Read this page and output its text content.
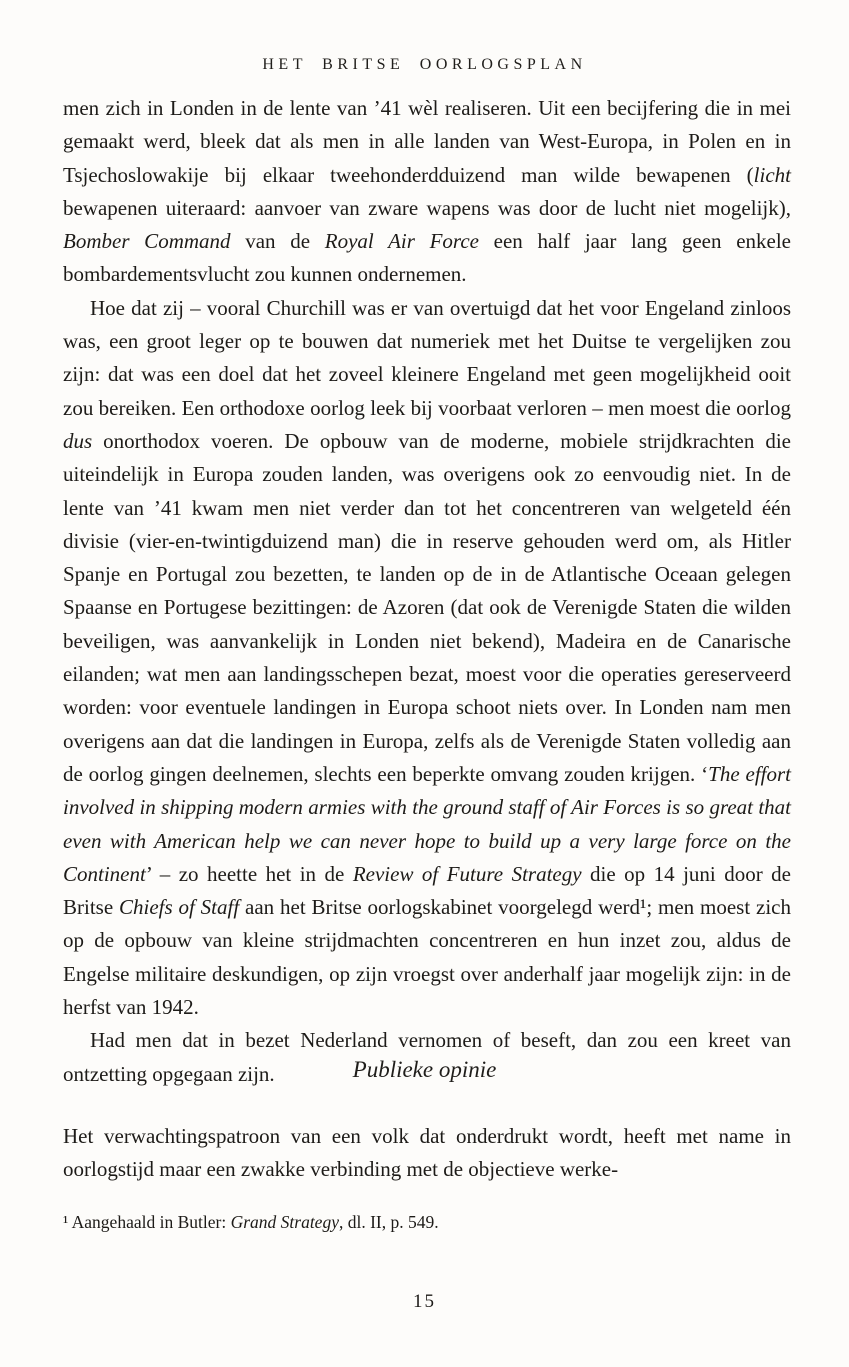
HET BRITSE OORLOGSPLAN

men zich in Londen in de lente van ’41 wèl realiseren. Uit een becijfering die in mei gemaakt werd, bleek dat als men in alle landen van West-Europa, in Polen en in Tsjechoslowakije bij elkaar tweehonderdduizend man wilde bewapenen (licht bewapenen uiteraard: aanvoer van zware wapens was door de lucht niet mogelijk), Bomber Command van de Royal Air Force een half jaar lang geen enkele bombardementsvlucht zou kunnen ondernemen.

Hoe dat zij – vooral Churchill was er van overtuigd dat het voor Engeland zinloos was, een groot leger op te bouwen dat numeriek met het Duitse te vergelijken zou zijn: dat was een doel dat het zoveel kleinere Engeland met geen mogelijkheid ooit zou bereiken. Een orthodoxe oorlog leek bij voorbaat verloren – men moest die oorlog dus onorthodox voeren. De opbouw van de moderne, mobiele strijdkrachten die uiteindelijk in Europa zouden landen, was overigens ook zo eenvoudig niet. In de lente van ’41 kwam men niet verder dan tot het concentreren van welgeteld één divisie (vier-en-twintigduizend man) die in reserve gehouden werd om, als Hitler Spanje en Portugal zou bezetten, te landen op de in de Atlantische Oceaan gelegen Spaanse en Portugese bezittingen: de Azoren (dat ook de Verenigde Staten die wilden beveiligen, was aanvankelijk in Londen niet bekend), Madeira en de Canarische eilanden; wat men aan landingsschepen bezat, moest voor die operaties gereserveerd worden: voor eventuele landingen in Europa schoot niets over. In Londen nam men overigens aan dat die landingen in Europa, zelfs als de Verenigde Staten volledig aan de oorlog gingen deelnemen, slechts een beperkte omvang zouden krijgen. ‘The effort involved in shipping modern armies with the ground staff of Air Forces is so great that even with American help we can never hope to build up a very large force on the Continent’ – zo heette het in de Review of Future Strategy die op 14 juni door de Britse Chiefs of Staff aan het Britse oorlogskabinet voorgelegd werd¹; men moest zich op de opbouw van kleine strijdmachten concentreren en hun inzet zou, aldus de Engelse militaire deskundigen, op zijn vroegst over anderhalf jaar mogelijk zijn: in de herfst van 1942.

Had men dat in bezet Nederland vernomen of beseft, dan zou een kreet van ontzetting opgegaan zijn.	Publieke opinie

Het verwachtingspatroon van een volk dat onderdrukt wordt, heeft met name in oorlogstijd maar een zwakke verbinding met de objectieve werke-

¹ Aangehaald in Butler: Grand Strategy, dl. II, p. 549.
15
